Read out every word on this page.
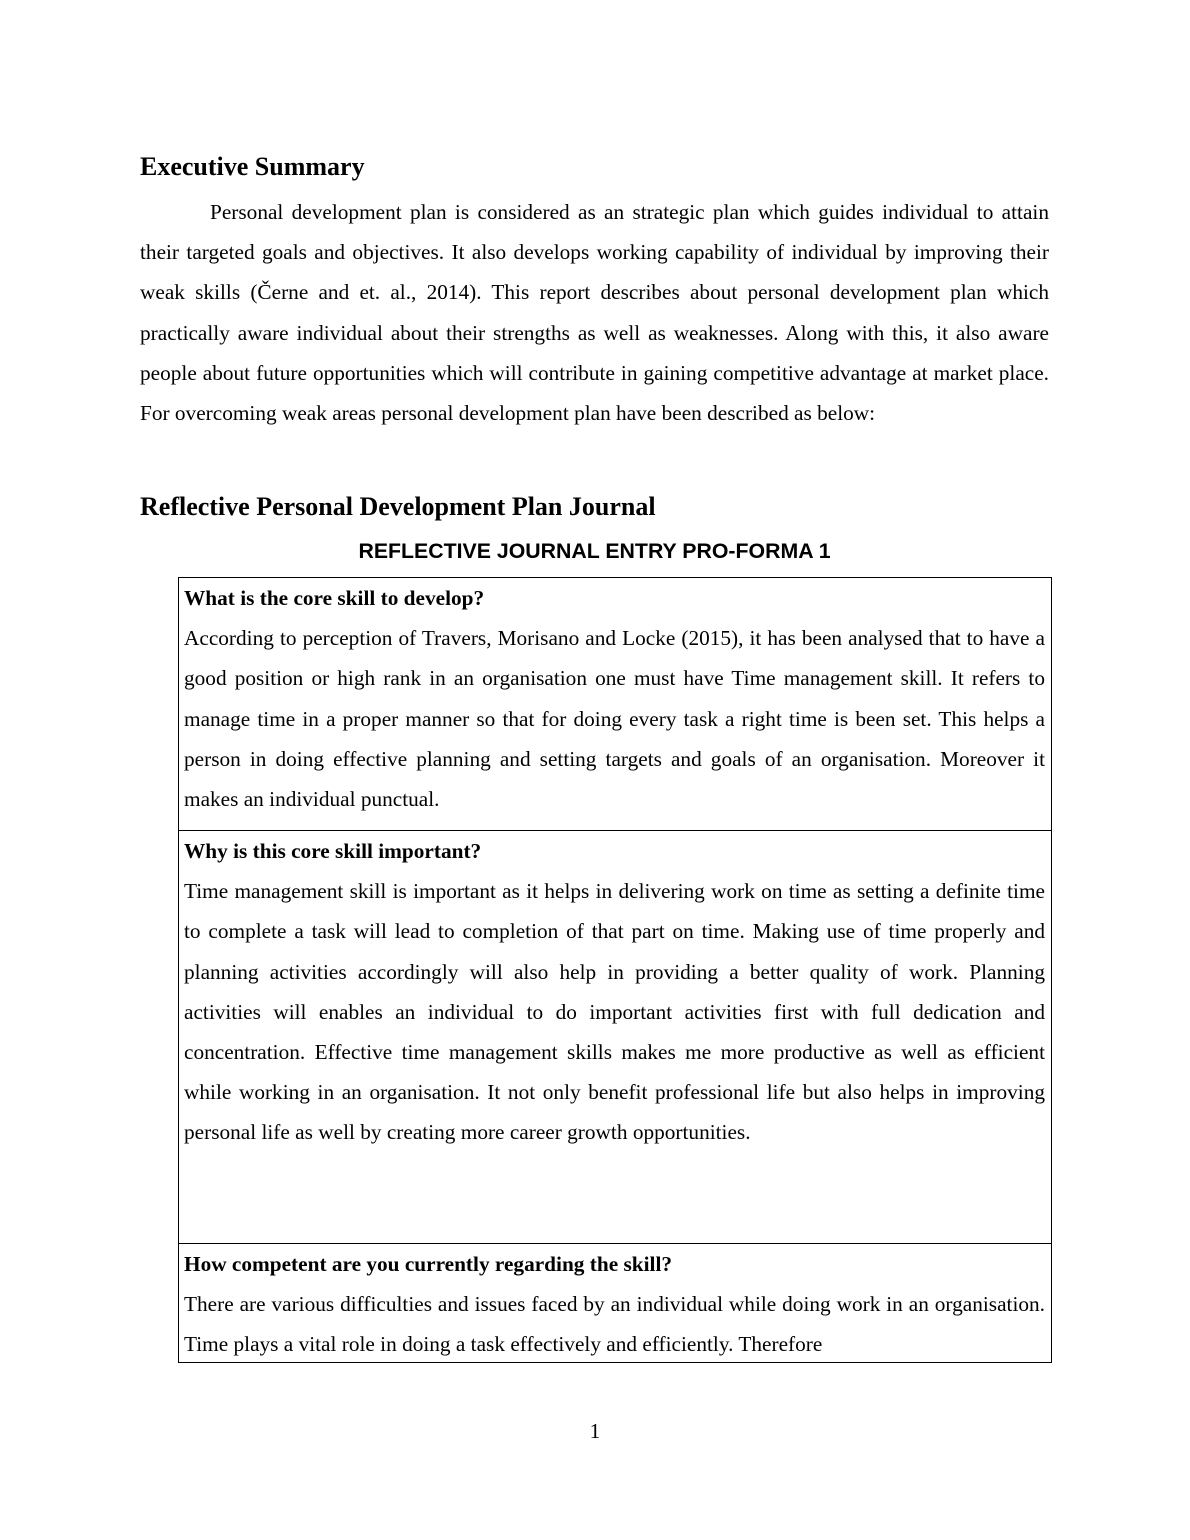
Executive Summary

Personal development plan is considered as an strategic plan which guides individual to attain their targeted goals and objectives. It also develops working capability of individual by improving their weak skills (Černe and et. al., 2014). This report describes about personal development plan which practically aware individual about their strengths as well as weaknesses. Along with this, it also aware people about future opportunities which will contribute in gaining competitive advantage at market place. For overcoming weak areas personal development plan have been described as below:

Reflective Personal Development Plan Journal

REFLECTIVE JOURNAL ENTRY PRO-FORMA 1

What is the core skill to develop?

According to perception of Travers, Morisano and Locke (2015), it has been analysed that to have a good position or high rank in an organisation one must have Time management skill. It refers to manage time in a proper manner so that for doing every task a right time is been set. This helps a person in doing effective planning and setting targets and goals of an organisation. Moreover it makes an individual punctual.

Why is this core skill important?

Time management skill is important as it helps in delivering work on time as setting a definite time to complete a task will lead to completion of that part on time. Making use of time properly and planning activities accordingly will also help in providing a better quality of work. Planning activities will enables an individual to do important activities first with full dedication and concentration. Effective time management skills makes me more productive as well as efficient while working in an organisation. It not only benefit professional life but also helps in improving personal life as well by creating more career growth opportunities.

How competent are you currently regarding the skill?

There are various difficulties and issues faced by an individual while doing work in an organisation. Time plays a vital role in doing a task effectively and efficiently. Therefore

1
